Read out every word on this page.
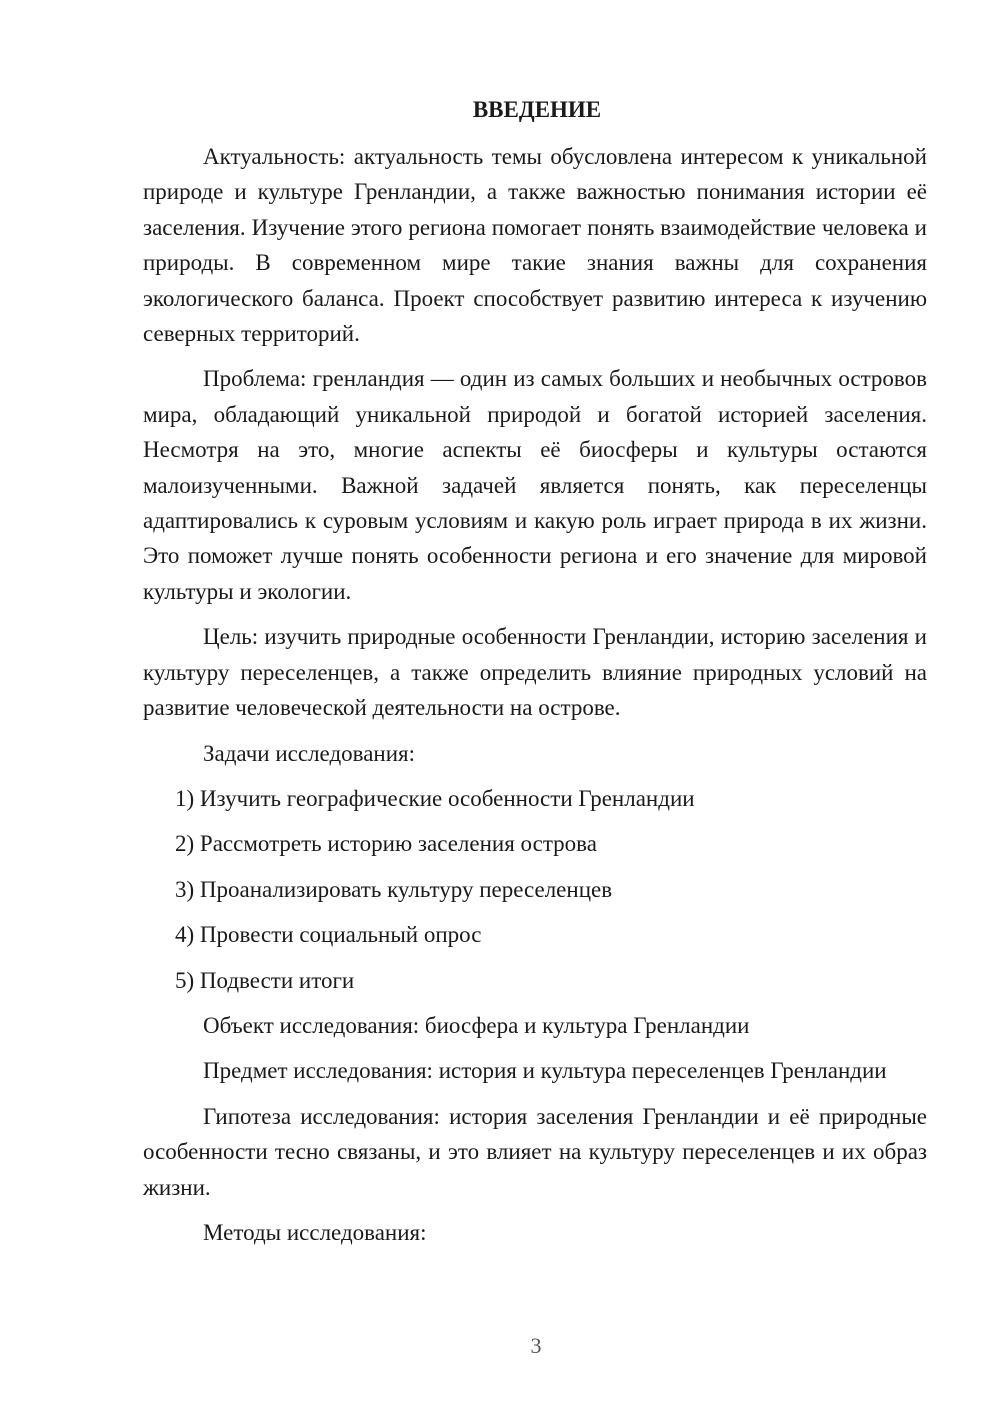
ВВЕДЕНИЕ

Актуальность: актуальность темы обусловлена интересом к уникальной природе и культуре Гренландии, а также важностью понимания истории её заселения. Изучение этого региона помогает понять взаимодействие человека и природы. В современном мире такие знания важны для сохранения экологического баланса. Проект способствует развитию интереса к изучению северных территорий.

Проблема: гренландия — один из самых больших и необычных островов мира, обладающий уникальной природой и богатой историей заселения. Несмотря на это, многие аспекты её биосферы и культуры остаются малоизученными. Важной задачей является понять, как переселенцы адаптировались к суровым условиям и какую роль играет природа в их жизни. Это поможет лучше понять особенности региона и его значение для мировой культуры и экологии.

Цель: изучить природные особенности Гренландии, историю заселения и культуру переселенцев, а также определить влияние природных условий на развитие человеческой деятельности на острове.

Задачи исследования:

1) Изучить географические особенности Гренландии

2) Рассмотреть историю заселения острова

3) Проанализировать культуру переселенцев

4) Провести социальный опрос

5) Подвести итоги

Объект исследования: биосфера и культура Гренландии

Предмет исследования: история и культура переселенцев Гренландии

Гипотеза исследования: история заселения Гренландии и её природные особенности тесно связаны, и это влияет на культуру переселенцев и их образ жизни.

Методы исследования:

3
